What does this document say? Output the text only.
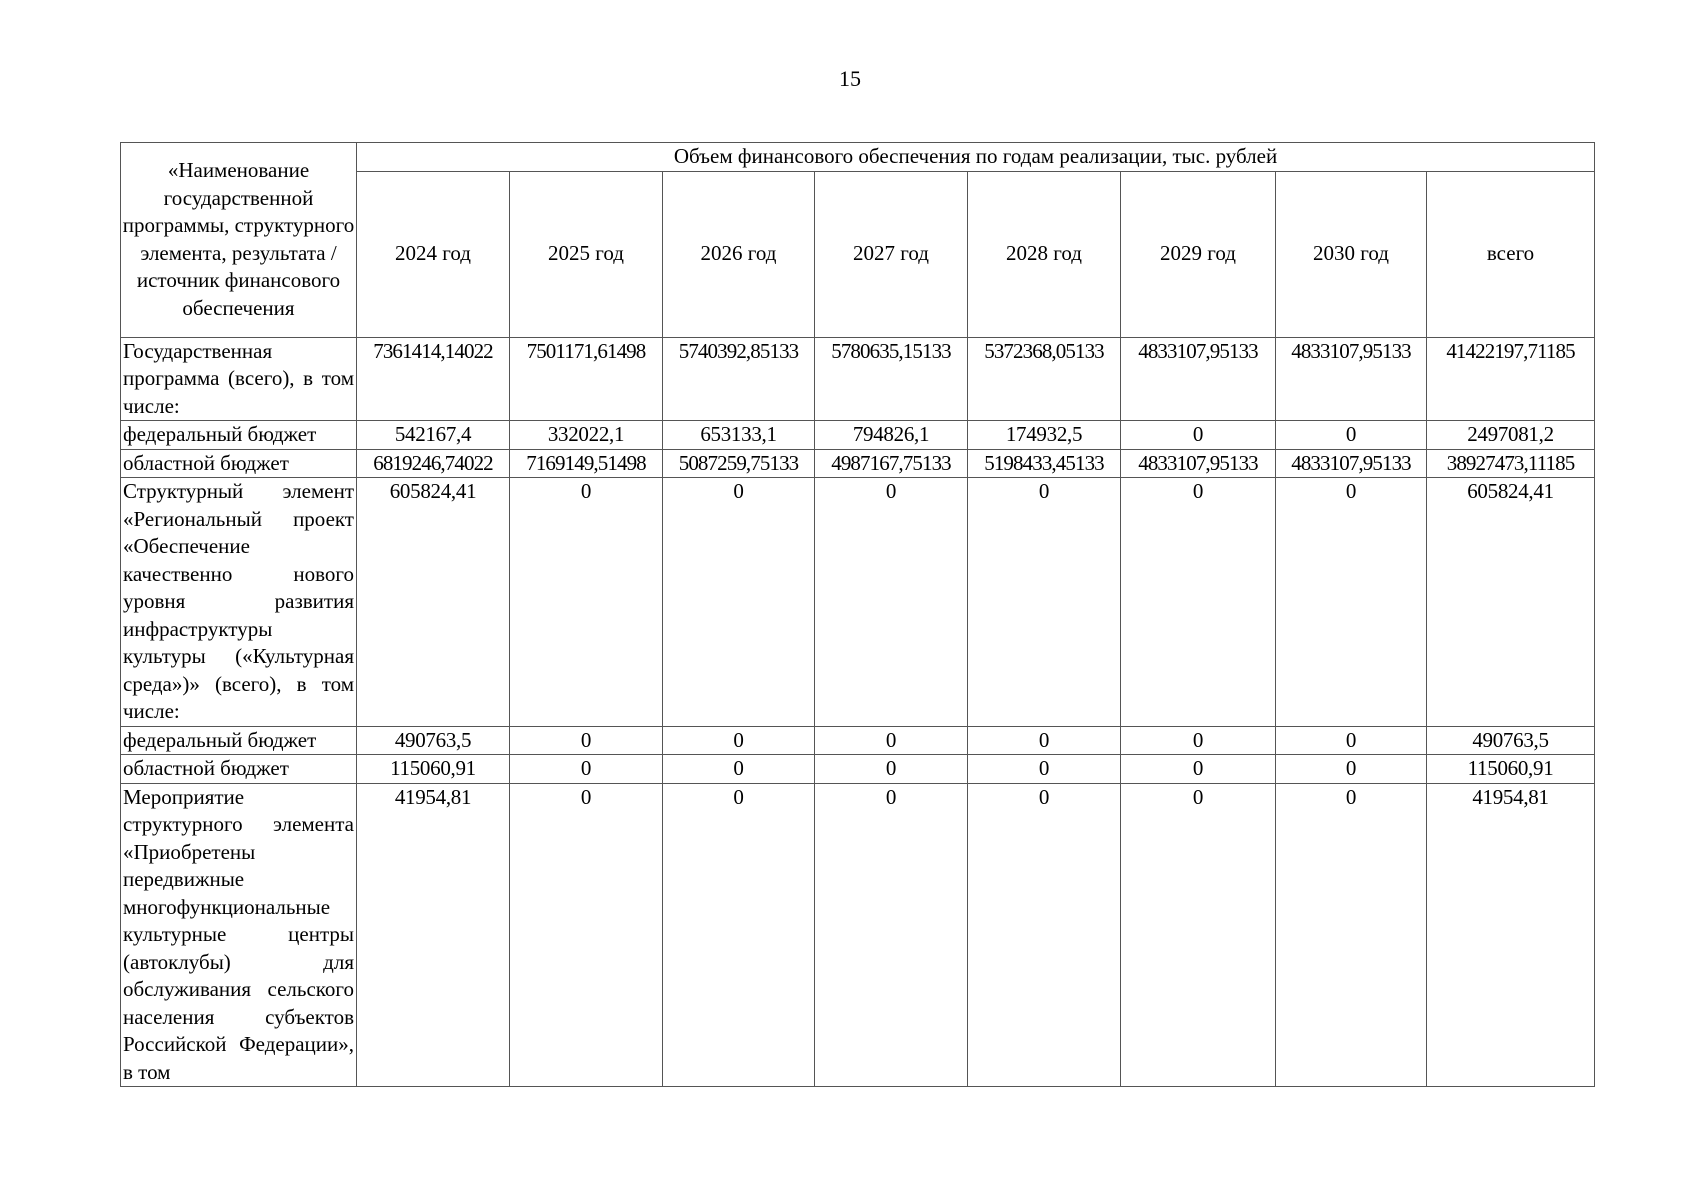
15
«Наименование государственной программы, структурного элемента, результата / источник финансового обеспечения	Объем финансового обеспечения по годам реализации, тыс. рублей							
	2024 год	2025 год	2026 год	2027 год	2028 год	2029 год	2030 год	всего
Государственная программа (всего), в том числе:	7361414,14022	7501171,61498	5740392,85133	5780635,15133	5372368,05133	4833107,95133	4833107,95133	41422197,71185
федеральный бюджет	542167,4	332022,1	653133,1	794826,1	174932,5	0	0	2497081,2
областной бюджет	6819246,74022	7169149,51498	5087259,75133	4987167,75133	5198433,45133	4833107,95133	4833107,95133	38927473,11185
Структурный элемент «Региональный проект «Обеспечение качественно нового уровня развития инфраструктуры культуры («Культурная среда»)» (всего), в том числе:	605824,41	0	0	0	0	0	0	605824,41
федеральный бюджет	490763,5	0	0	0	0	0	0	490763,5
областной бюджет	115060,91	0	0	0	0	0	0	115060,91
Мероприятие структурного элемента «Приобретены передвижные многофункциональные культурные центры (автоклубы) для обслуживания сельского населения субъектов Российской Федерации», в том	41954,81	0	0	0	0	0	0	41954,81
